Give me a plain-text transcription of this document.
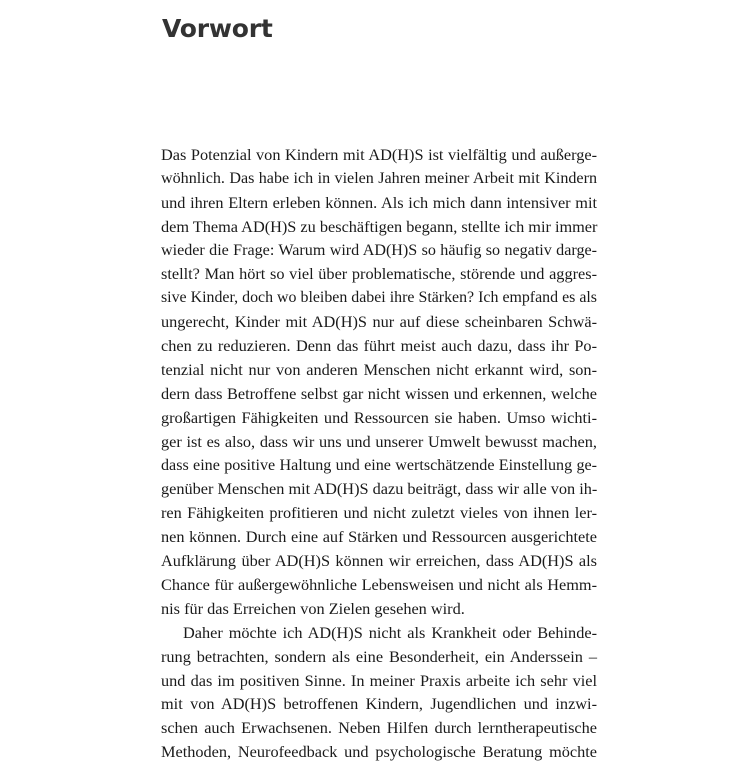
Vorwort
Das Potenzial von Kindern mit AD(H)S ist vielfältig und außerge-
wöhnlich. Das habe ich in vielen Jahren meiner Arbeit mit Kindern
und ihren Eltern erleben können. Als ich mich dann intensiver mit
dem Thema AD(H)S zu beschäftigen begann, stellte ich mir immer
wieder die Frage: Warum wird AD(H)S so häufig so negativ darge-
stellt? Man hört so viel über problematische, störende und aggres-
sive Kinder, doch wo bleiben dabei ihre Stärken? Ich empfand es als
ungerecht, Kinder mit AD(H)S nur auf diese scheinbaren Schwä-
chen zu reduzieren. Denn das führt meist auch dazu, dass ihr Po-
tenzial nicht nur von anderen Menschen nicht erkannt wird, son-
dern dass Betroffene selbst gar nicht wissen und erkennen, welche
großartigen Fähigkeiten und Ressourcen sie haben. Umso wichti-
ger ist es also, dass wir uns und unserer Umwelt bewusst machen,
dass eine positive Haltung und eine wertschätzende Einstellung ge-
genüber Menschen mit AD(H)S dazu beiträgt, dass wir alle von ih-
ren Fähigkeiten profitieren und nicht zuletzt vieles von ihnen ler-
nen können. Durch eine auf Stärken und Ressourcen ausgerichtete
Aufklärung über AD(H)S können wir erreichen, dass AD(H)S als
Chance für außergewöhnliche Lebensweisen und nicht als Hemm-
nis für das Erreichen von Zielen gesehen wird.
Daher möchte ich AD(H)S nicht als Krankheit oder Behinde-
rung betrachten, sondern als eine Besonderheit, ein Anderssein –
und das im positiven Sinne. In meiner Praxis arbeite ich sehr viel
mit von AD(H)S betroffenen Kindern, Jugendlichen und inzwi-
schen auch Erwachsenen. Neben Hilfen durch lerntherapeutische
Methoden, Neurofeedback und psychologische Beratung möchte
